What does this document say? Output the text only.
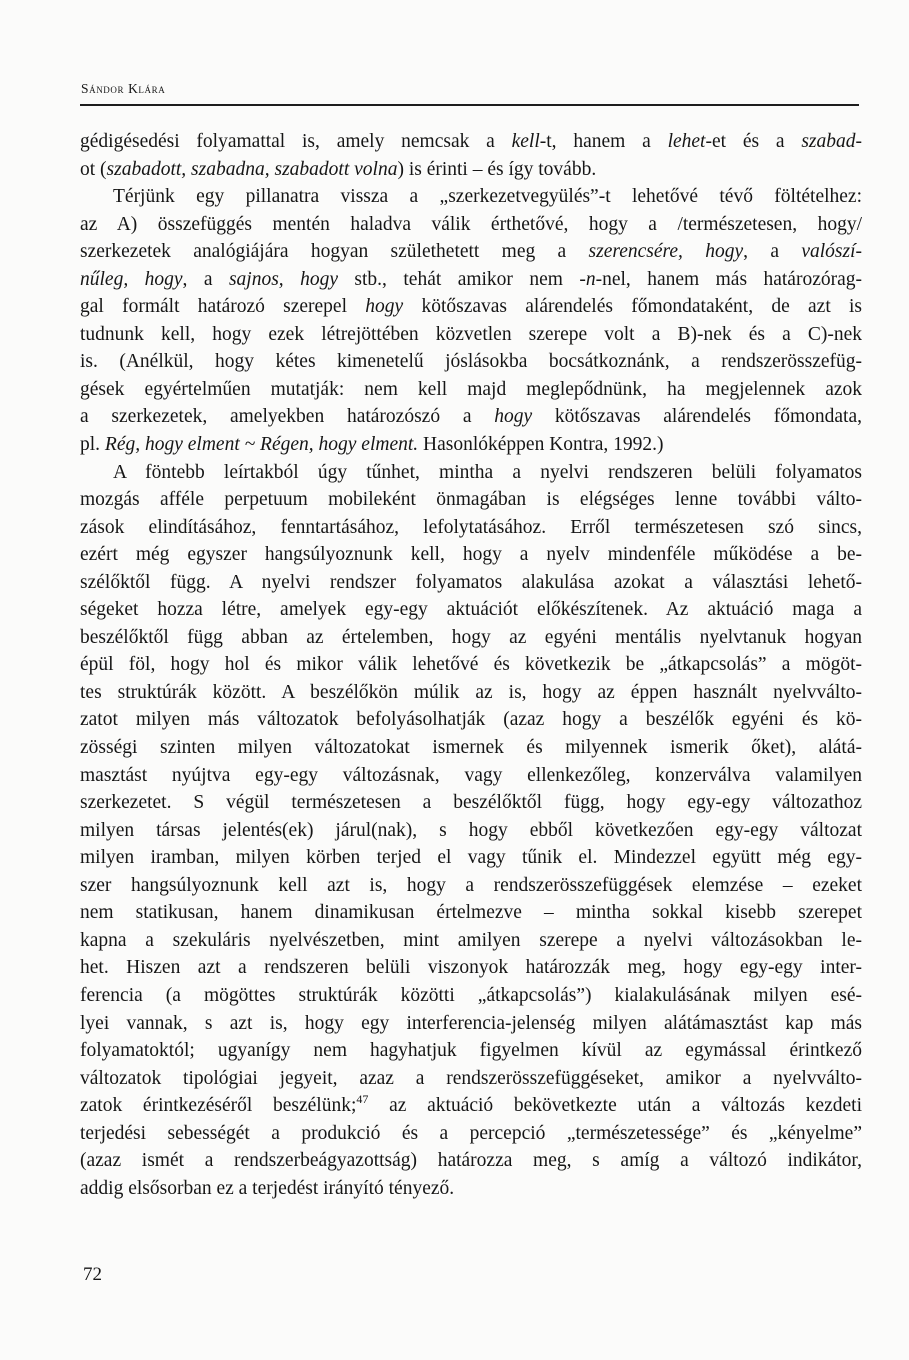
Sándor Klára
gédigésedési folyamattal is, amely nemcsak a kell-t, hanem a lehet-et és a szabad-
ot (szabadott, szabadna, szabadott volna) is érinti – és így tovább.
Térjünk egy pillanatra vissza a „szerkezetvegyülés”-t lehetővé tévő föltételhez:
az A) összefüggés mentén haladva válik érthetővé, hogy a /természetesen, hogy/
szerkezetek analógiájára hogyan születhetett meg a szerencsére, hogy, a valószí-
nűleg, hogy, a sajnos, hogy stb., tehát amikor nem -n-nel, hanem más határozórag-
gal formált határozó szerepel hogy kötőszavas alárendelés főmondataként, de azt is
tudnunk kell, hogy ezek létrejöttében közvetlen szerepe volt a B)-nek és a C)-nek
is. (Anélkül, hogy kétes kimenetelű jóslásokba bocsátkoznánk, a rendszerösszefüg-
gések egyértelműen mutatják: nem kell majd meglepődnünk, ha megjelennek azok
a szerkezetek, amelyekben határozószó a hogy kötőszavas alárendelés főmondata,
pl. Rég, hogy elment ~ Régen, hogy elment. Hasonlóképpen Kontra, 1992.)
A föntebb leírtakból úgy tűnhet, mintha a nyelvi rendszeren belüli folyamatos
mozgás afféle perpetuum mobileként önmagában is elégséges lenne további válto-
zások elindításához, fenntartásához, lefolytatásához. Erről természetesen szó sincs,
ezért még egyszer hangsúlyoznunk kell, hogy a nyelv mindenféle működése a be-
szélőktől függ. A nyelvi rendszer folyamatos alakulása azokat a választási lehető-
ségeket hozza létre, amelyek egy-egy aktuációt előkészítenek. Az aktuáció maga a
beszélőktől függ abban az értelemben, hogy az egyéni mentális nyelvtanuk hogyan
épül föl, hogy hol és mikor válik lehetővé és következik be „átkapcsolás” a mögöt-
tes struktúrák között. A beszélőkön múlik az is, hogy az éppen használt nyelvválto-
zatot milyen más változatok befolyásolhatják (azaz hogy a beszélők egyéni és kö-
zösségi szinten milyen változatokat ismernek és milyennek ismerik őket), alátá-
masztást nyújtva egy-egy változásnak, vagy ellenkezőleg, konzerválva valamilyen
szerkezetet. S végül természetesen a beszélőktől függ, hogy egy-egy változathoz
milyen társas jelentés(ek) járul(nak), s hogy ebből következően egy-egy változat
milyen iramban, milyen körben terjed el vagy tűnik el. Mindezzel együtt még egy-
szer hangsúlyoznunk kell azt is, hogy a rendszerösszefüggések elemzése – ezeket
nem statikusan, hanem dinamikusan értelmezve – mintha sokkal kisebb szerepet
kapna a szekuláris nyelvészetben, mint amilyen szerepe a nyelvi változásokban le-
het. Hiszen azt a rendszeren belüli viszonyok határozzák meg, hogy egy-egy inter-
ferencia (a mögöttes struktúrák közötti „átkapcsolás”) kialakulásának milyen esé-
lyei vannak, s azt is, hogy egy interferencia-jelenség milyen alátámasztást kap más
folyamatoktól; ugyanígy nem hagyhatjuk figyelmen kívül az egymással érintkező
változatok tipológiai jegyeit, azaz a rendszerösszefüggéseket, amikor a nyelvválto-
zatok érintkezéséről beszélünk;$^{47}$ az aktuáció bekövetkezte után a változás kezdeti
terjedési sebességét a produkció és a percepció „természetessége” és „kényelme”
(azaz ismét a rendszerbeágyazottság) határozza meg, s amíg a változó indikátor,
addig elsősorban ez a terjedést irányító tényező.
72
